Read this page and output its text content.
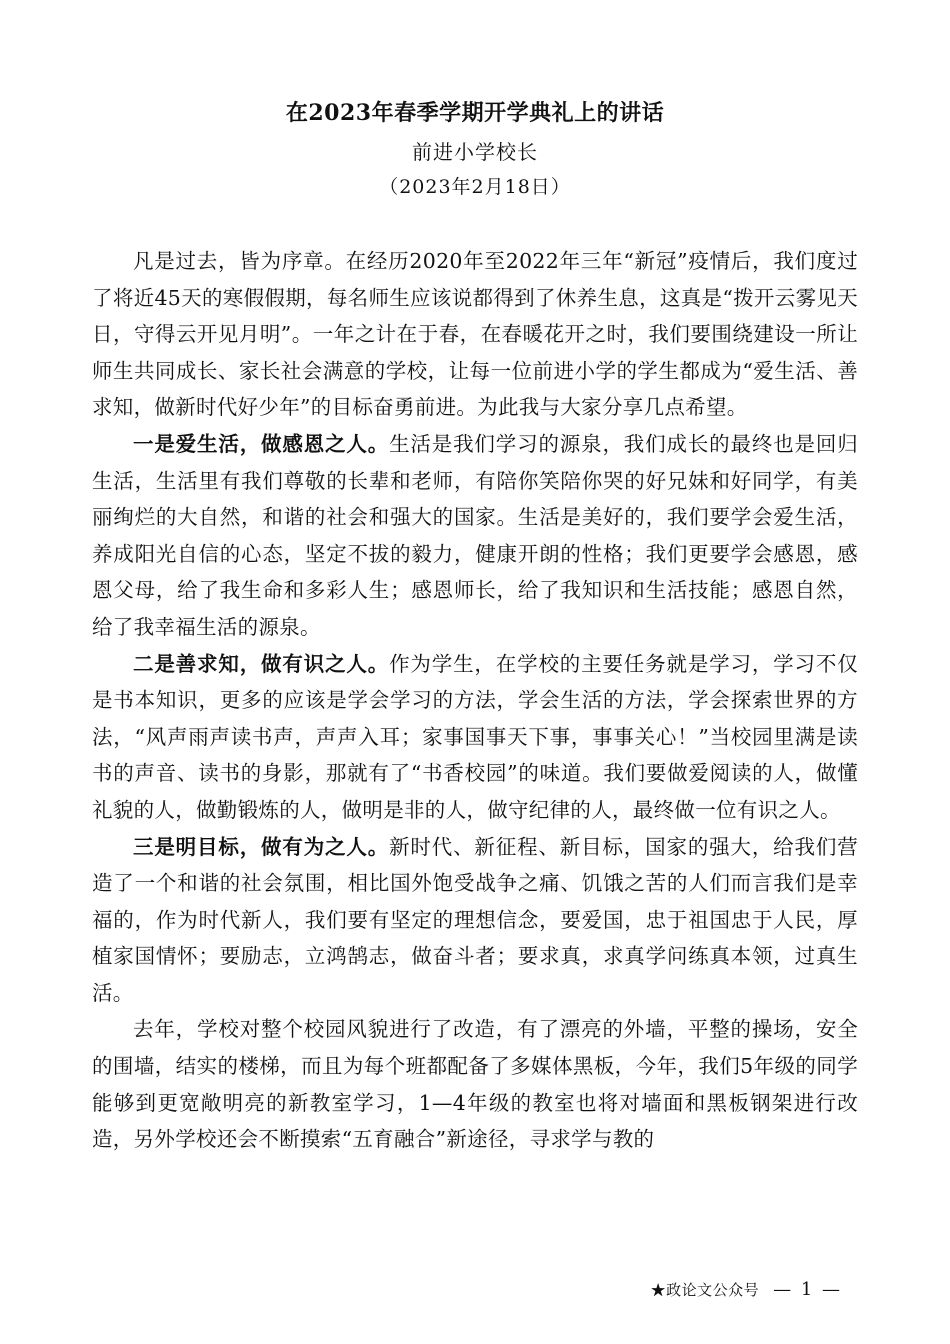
在2023年春季学期开学典礼上的讲话
前进小学校长
（2023年2月18日）

凡是过去，皆为序章。在经历2020年至2022年三年“新冠”疫情后，我们度过了将近45天的寒假假期，每名师生应该说都得到了休养生息，这真是“拨开云雾见天日，守得云开见月明”。一年之计在于春，在春暖花开之时，我们要围绕建设一所让师生共同成长、家长社会满意的学校，让每一位前进小学的学生都成为“爱生活、善求知，做新时代好少年”的目标奋勇前进。为此我与大家分享几点希望。

一是爱生活，做感恩之人。生活是我们学习的源泉，我们成长的最终也是回归生活，生活里有我们尊敬的长辈和老师，有陪你笑陪你哭的好兄妹和好同学，有美丽绚烂的大自然，和谐的社会和强大的国家。生活是美好的，我们要学会爱生活，养成阳光自信的心态，坚定不拔的毅力，健康开朗的性格；我们更要学会感恩，感恩父母，给了我生命和多彩人生；感恩师长，给了我知识和生活技能；感恩自然，给了我幸福生活的源泉。

二是善求知，做有识之人。作为学生，在学校的主要任务就是学习，学习不仅是书本知识，更多的应该是学会学习的方法，学会生活的方法，学会探索世界的方法，“风声雨声读书声，声声入耳；家事国事天下事，事事关心！”当校园里满是读书的声音、读书的身影，那就有了“书香校园”的味道。我们要做爱阅读的人，做懂礼貌的人，做勤锻炼的人，做明是非的人，做守纪律的人，最终做一位有识之人。

三是明目标，做有为之人。新时代、新征程、新目标，国家的强大，给我们营造了一个和谐的社会氛围，相比国外饱受战争之痛、饥饿之苦的人们而言我们是幸福的，作为时代新人，我们要有坚定的理想信念，要爱国，忠于祖国忠于人民，厚植家国情怀；要励志，立鸿鹄志，做奋斗者；要求真，求真学问练真本领，过真生活。

去年，学校对整个校园风貌进行了改造，有了漂亮的外墙，平整的操场，安全的围墙，结实的楼梯，而且为每个班都配备了多媒体黑板，今年，我们5年级的同学能够到更宽敞明亮的新教室学习，1—4年级的教室也将对墙面和黑板钢架进行改造，另外学校还会不断摸索“五育融合”新途径，寻求学与教的

★政论文公众号 — 1 —
